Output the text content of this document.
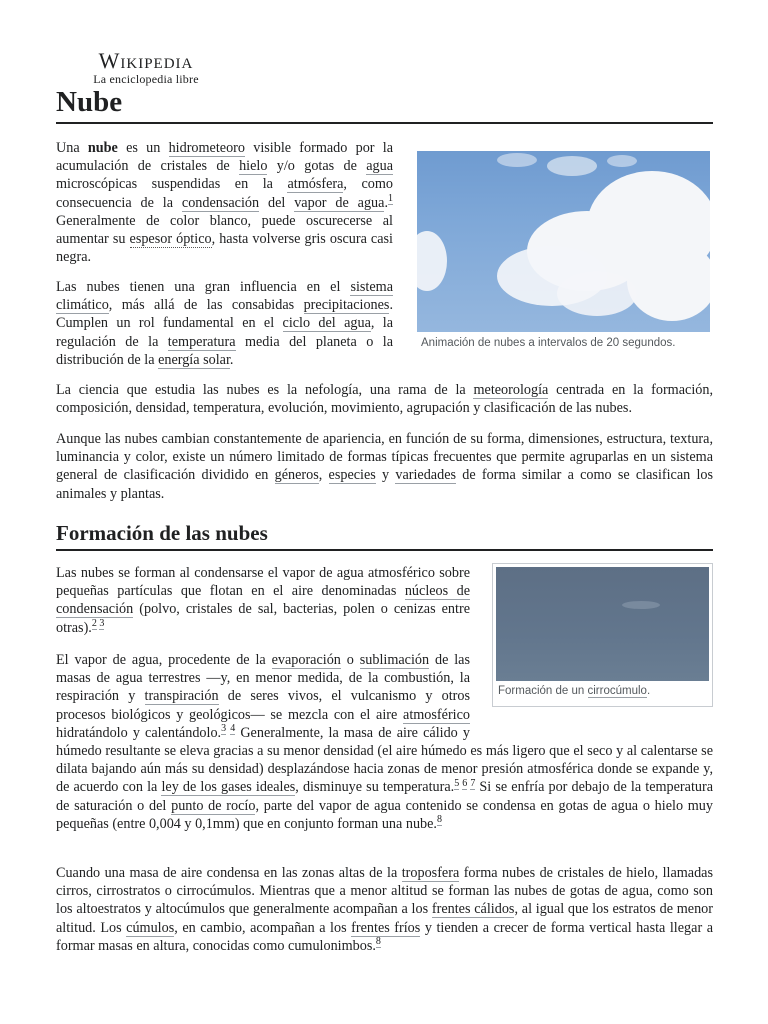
Wikipedia
La enciclopedia libre
Nube
Animación de nubes a intervalos de 20 segundos.

Una nube es un hidrometeoro visible formado por la acumulación de cristales de hielo y/o gotas de agua microscópicas suspendidas en la atmósfera, como consecuencia de la condensación del vapor de agua.$^1$ Generalmente de color blanco, puede oscurecerse al aumentar su espesor óptico, hasta volverse gris oscura casi negra.

Las nubes tienen una gran influencia en el sistema climático, más allá de las consabidas precipitaciones. Cumplen un rol fundamental en el ciclo del agua, la regulación de la temperatura media del planeta o la distribución de la energía solar.

La ciencia que estudia las nubes es la nefología, una rama de la meteorología centrada en la formación, composición, densidad, temperatura, evolución, movimiento, agrupación y clasificación de las nubes.

Aunque las nubes cambian constantemente de apariencia, en función de su forma, dimensiones, estructura, textura, luminancia y color, existe un número limitado de formas típicas frecuentes que permite agruparlas en un sistema general de clasificación dividido en géneros, especies y variedades de forma similar a como se clasifican los animales y plantas.

Formación de las nubes
Formación de un cirrocúmulo.

Las nubes se forman al condensarse el vapor de agua atmosférico sobre pequeñas partículas que flotan en el aire denominadas núcleos de condensación (polvo, cristales de sal, bacterias, polen o cenizas entre otras).$^{2 3}$

El vapor de agua, procedente de la evaporación o sublimación de las masas de agua terrestres —y, en menor medida, de la combustión, la respiración y transpiración de seres vivos, el vulcanismo y otros procesos biológicos y geológicos— se mezcla con el aire atmosférico hidratándolo y calentándolo.$^{3 4}$ Generalmente, la masa de aire cálido y húmedo resultante se eleva gracias a su menor densidad (el aire húmedo es más ligero que el seco y al calentarse se dilata bajando aún más su densidad) desplazándose hacia zonas de menor presión atmosférica donde se expande y, de acuerdo con la ley de los gases ideales, disminuye su temperatura.$^{5 6 7}$ Si se enfría por debajo de la temperatura de saturación o del punto de rocío, parte del vapor de agua contenido se condensa en gotas de agua o hielo muy pequeñas (entre 0,004 y 0,1mm) que en conjunto forman una nube.$^8$

Cuando una masa de aire condensa en las zonas altas de la troposfera forma nubes de cristales de hielo, llamadas cirros, cirrostratos o cirrocúmulos. Mientras que a menor altitud se forman las nubes de gotas de agua, como son los altoestratos y altocúmulos que generalmente acompañan a los frentes cálidos, al igual que los estratos de menor altitud. Los cúmulos, en cambio, acompañan a los frentes fríos y tienden a crecer de forma vertical hasta llegar a formar masas en altura, conocidas como cumulonimbos.$^8$
